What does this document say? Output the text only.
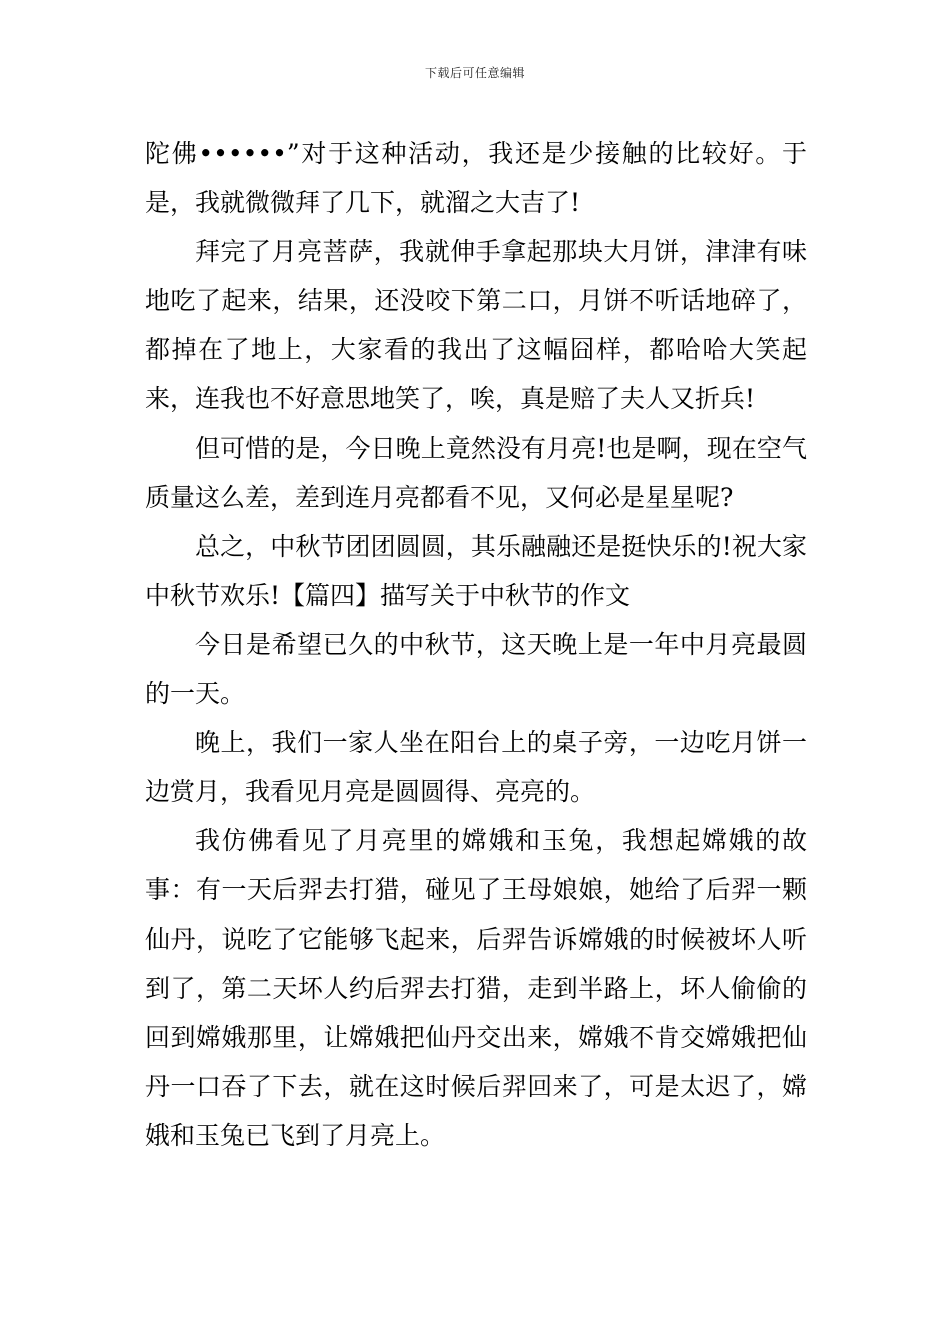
下载后可任意编辑

陀佛••••••”对于这种活动，我还是少接触的比较好。于是，我就微微拜了几下，就溜之大吉了!

拜完了月亮菩萨，我就伸手拿起那块大月饼，津津有味地吃了起来，结果，还没咬下第二口，月饼不听话地碎了，都掉在了地上，大家看的我出了这幅囧样，都哈哈大笑起来，连我也不好意思地笑了，唉，真是赔了夫人又折兵!

但可惜的是，今日晚上竟然没有月亮!也是啊，现在空气质量这么差，差到连月亮都看不见，又何必是星星呢?

总之，中秋节团团圆圆，其乐融融还是挺快乐的!祝大家中秋节欢乐!【篇四】描写关于中秋节的作文

今日是希望已久的中秋节，这天晚上是一年中月亮最圆的一天。

晚上，我们一家人坐在阳台上的桌子旁，一边吃月饼一边赏月，我看见月亮是圆圆得、亮亮的。

我仿佛看见了月亮里的嫦娥和玉兔，我想起嫦娥的故事：有一天后羿去打猎，碰见了王母娘娘，她给了后羿一颗仙丹，说吃了它能够飞起来，后羿告诉嫦娥的时候被坏人听到了，第二天坏人约后羿去打猎，走到半路上，坏人偷偷的回到嫦娥那里，让嫦娥把仙丹交出来，嫦娥不肯交嫦娥把仙丹一口吞了下去，就在这时候后羿回来了，可是太迟了，嫦娥和玉兔已飞到了月亮上。
